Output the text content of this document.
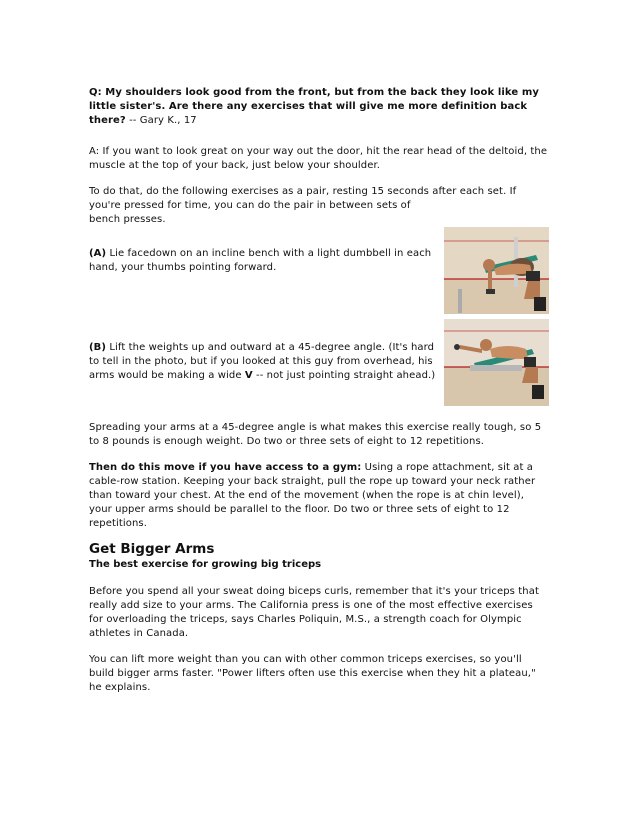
Q: My shoulders look good from the front, but from the back they look like my little sister's. Are there any exercises that will give me more definition back there? -- Gary K., 17

A: If you want to look great on your way out the door, hit the rear head of the deltoid, the muscle at the top of your back, just below your shoulder.

To do that, do the following exercises as a pair, resting 15 seconds after each set. If
you're pressed for time, you can do the pair in between sets of
bench presses.

(A) Lie facedown on an incline bench with a light dumbbell in each hand, your thumbs pointing forward.

(B) Lift the weights up and outward at a 45-degree angle. (It's hard to tell in the photo, but if you looked at this guy from overhead, his arms would be making a wide V -- not just pointing straight ahead.)

Spreading your arms at a 45-degree angle is what makes this exercise really tough, so 5 to 8 pounds is enough weight. Do two or three sets of eight to 12 repetitions.

Then do this move if you have access to a gym: Using a rope attachment, sit at a cable-row station. Keeping your back straight, pull the rope up toward your neck rather than toward your chest. At the end of the movement (when the rope is at chin level), your upper arms should be parallel to the floor. Do two or three sets of eight to 12 repetitions.

Get Bigger Arms
The best exercise for growing big triceps

Before you spend all your sweat doing biceps curls, remember that it's your triceps that really add size to your arms. The California press is one of the most effective exercises for overloading the triceps, says Charles Poliquin, M.S., a strength coach for Olympic athletes in Canada.

You can lift more weight than you can with other common triceps exercises, so you'll build bigger arms faster. "Power lifters often use this exercise when they hit a plateau," he explains.
